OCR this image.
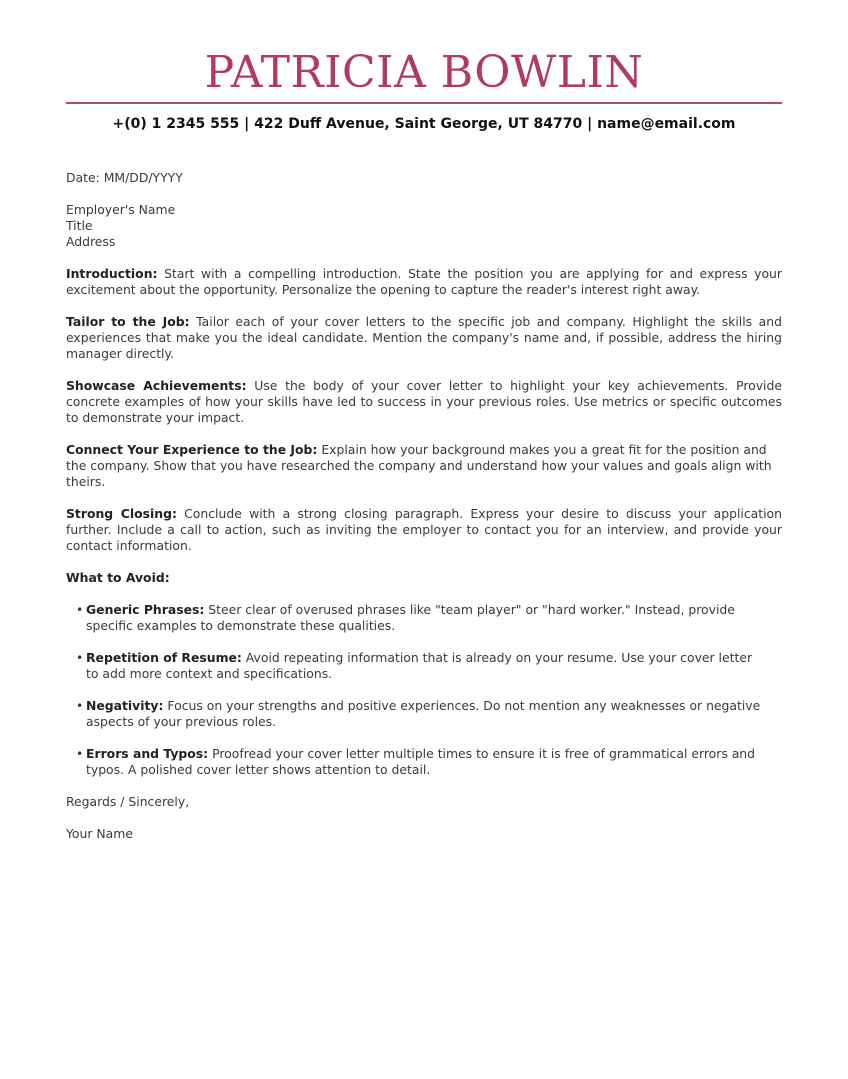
PATRICIA BOWLIN
+(0) 1 2345 555 | 422 Duff Avenue, Saint George, UT 84770 | name@email.com

Date: MM/DD/YYYY

Employer's Name
Title
Address

Introduction: Start with a compelling introduction. State the position you are applying for and express your excitement about the opportunity. Personalize the opening to capture the reader's interest right away.

Tailor to the Job: Tailor each of your cover letters to the specific job and company. Highlight the skills and experiences that make you the ideal candidate. Mention the company's name and, if possible, address the hiring manager directly.

Showcase Achievements: Use the body of your cover letter to highlight your key achievements. Provide concrete examples of how your skills have led to success in your previous roles. Use metrics or specific outcomes to demonstrate your impact.

Connect Your Experience to the Job: Explain how your background makes you a great fit for the position and the company. Show that you have researched the company and understand how your values and goals align with theirs.

Strong Closing: Conclude with a strong closing paragraph. Express your desire to discuss your application further. Include a call to action, such as inviting the employer to contact you for an interview, and provide your contact information.

What to Avoid:

• Generic Phrases: Steer clear of overused phrases like "team player" or "hard worker." Instead, provide specific examples to demonstrate these qualities.
• Repetition of Resume: Avoid repeating information that is already on your resume. Use your cover letter to add more context and specifications.
• Negativity: Focus on your strengths and positive experiences. Do not mention any weaknesses or negative aspects of your previous roles.
• Errors and Typos: Proofread your cover letter multiple times to ensure it is free of grammatical errors and typos. A polished cover letter shows attention to detail.

Regards / Sincerely,

Your Name
